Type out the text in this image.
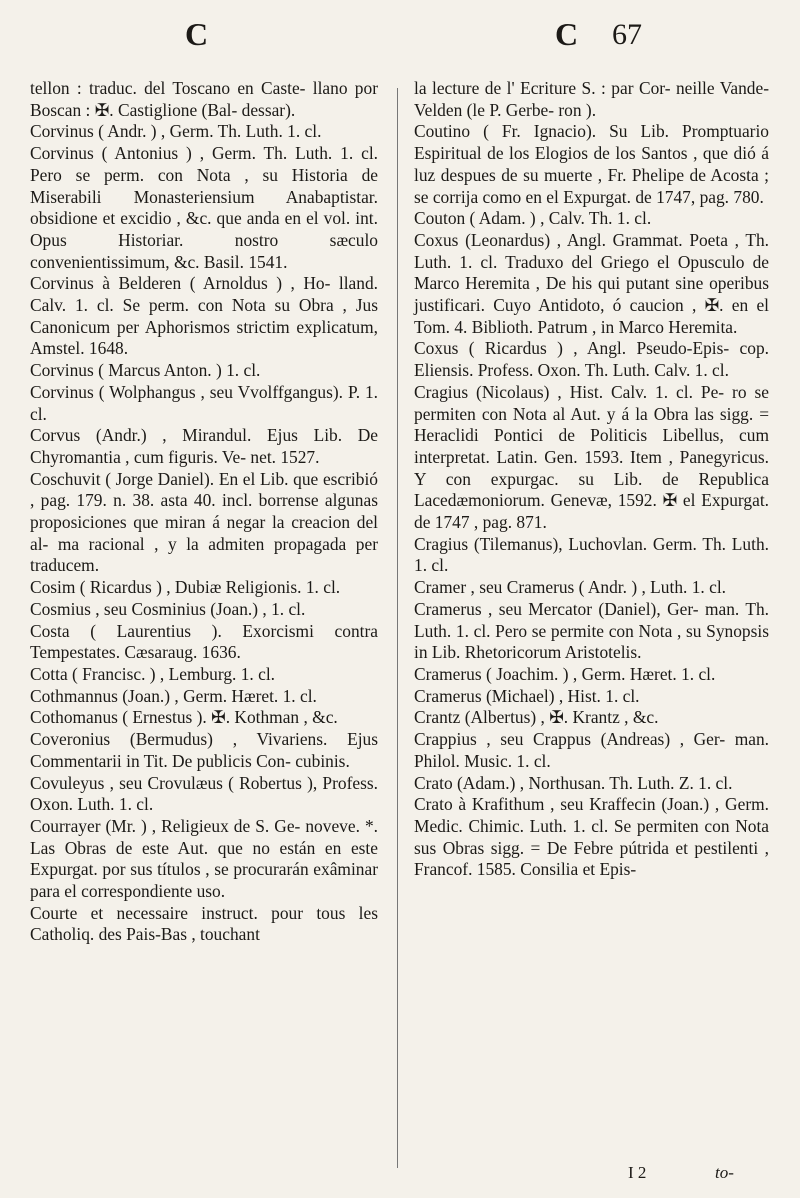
C	C 67

tellon : traduc. del Toscano en Caste- llano por Boscan : ✠. Castiglione (Bal- dessar).

Corvinus ( Andr. ) , Germ. Th. Luth. 1. cl.

Corvinus ( Antonius ) , Germ. Th. Luth. 1. cl. Pero se perm. con Nota , su Historia de Miserabili Monasteriensium Anabaptistar. obsidione et excidio , &c. que anda en el vol. int. Opus Historiar. nostro sæculo convenientissimum, &c. Basil. 1541.

Corvinus à Belderen ( Arnoldus ) , Ho- lland. Calv. 1. cl. Se perm. con Nota su Obra , Jus Canonicum per Aphorismos strictim explicatum, Amstel. 1648.

Corvinus ( Marcus Anton. ) 1. cl.

Corvinus ( Wolphangus , seu Vvolffgangus). P. 1. cl.

Corvus (Andr.) , Mirandul. Ejus Lib. De Chyromantia , cum figuris. Ve- net. 1527.

Coschuvit ( Jorge Daniel). En el Lib. que escribió , pag. 179. n. 38. asta 40. incl. borrense algunas proposiciones que miran á negar la creacion del al- ma racional , y la admiten propagada per traducem.

Cosim ( Ricardus ) , Dubiæ Religionis. 1. cl.

Cosmius , seu Cosminius (Joan.) , 1. cl.

Costa ( Laurentius ). Exorcismi contra Tempestates. Cæsaraug. 1636.

Cotta ( Francisc. ) , Lemburg. 1. cl.

Cothmannus (Joan.) , Germ. Hæret. 1. cl.

Cothomanus ( Ernestus ). ✠. Kothman , &c.

Coveronius (Bermudus) , Vivariens. Ejus Commentarii in Tit. De publicis Con- cubinis.

Covuleyus , seu Crovulæus ( Robertus ), Profess. Oxon. Luth. 1. cl.

Courrayer (Mr. ) , Religieux de S. Ge- noveve. *. Las Obras de este Aut. que no están en este Expurgat. por sus títulos , se procurarán exâminar para el correspondiente uso.

Courte et necessaire instruct. pour tous les Catholiq. des Pais-Bas , touchant

la lecture de l' Ecriture S. : par Cor- neille Vande-Velden (le P. Gerbe- ron ).

Coutino ( Fr. Ignacio). Su Lib. Promptuario Espiritual de los Elogios de los Santos , que dió á luz despues de su muerte , Fr. Phelipe de Acosta ; se corrija como en el Expurgat. de 1747, pag. 780.

Couton ( Adam. ) , Calv. Th. 1. cl.

Coxus (Leonardus) , Angl. Grammat. Poeta , Th. Luth. 1. cl. Traduxo del Griego el Opusculo de Marco Heremita , De his qui putant sine operibus justificari. Cuyo Antidoto, ó caucion , ✠. en el Tom. 4. Biblioth. Patrum , in Marco Heremita.

Coxus ( Ricardus ) , Angl. Pseudo-Epis- cop. Eliensis. Profess. Oxon. Th. Luth. Calv. 1. cl.

Cragius (Nicolaus) , Hist. Calv. 1. cl. Pe- ro se permiten con Nota al Aut. y á la Obra las sigg. = Heraclidi Pontici de Politicis Libellus, cum interpretat. Latin. Gen. 1593. Item , Panegyricus. Y con expurgac. su Lib. de Republica Lacedæmoniorum. Genevæ, 1592. ✠ el Expurgat. de 1747 , pag. 871.

Cragius (Tilemanus), Luchovlan. Germ. Th. Luth. 1. cl.

Cramer , seu Cramerus ( Andr. ) , Luth. 1. cl.

Cramerus , seu Mercator (Daniel), Ger- man. Th. Luth. 1. cl. Pero se permite con Nota , su Synopsis in Lib. Rhetoricorum Aristotelis.

Cramerus ( Joachim. ) , Germ. Hæret. 1. cl.

Cramerus (Michael) , Hist. 1. cl.

Crantz (Albertus) , ✠. Krantz , &c.

Crappius , seu Crappus (Andreas) , Ger- man. Philol. Music. 1. cl.

Crato (Adam.) , Northusan. Th. Luth. Z. 1. cl.

Crato à Krafithum , seu Kraffecin (Joan.) , Germ. Medic. Chimic. Luth. 1. cl. Se permiten con Nota sus Obras sigg. = De Febre pútrida et pestilenti , Francof. 1585. Consilia et Epis-

I 2	to-
